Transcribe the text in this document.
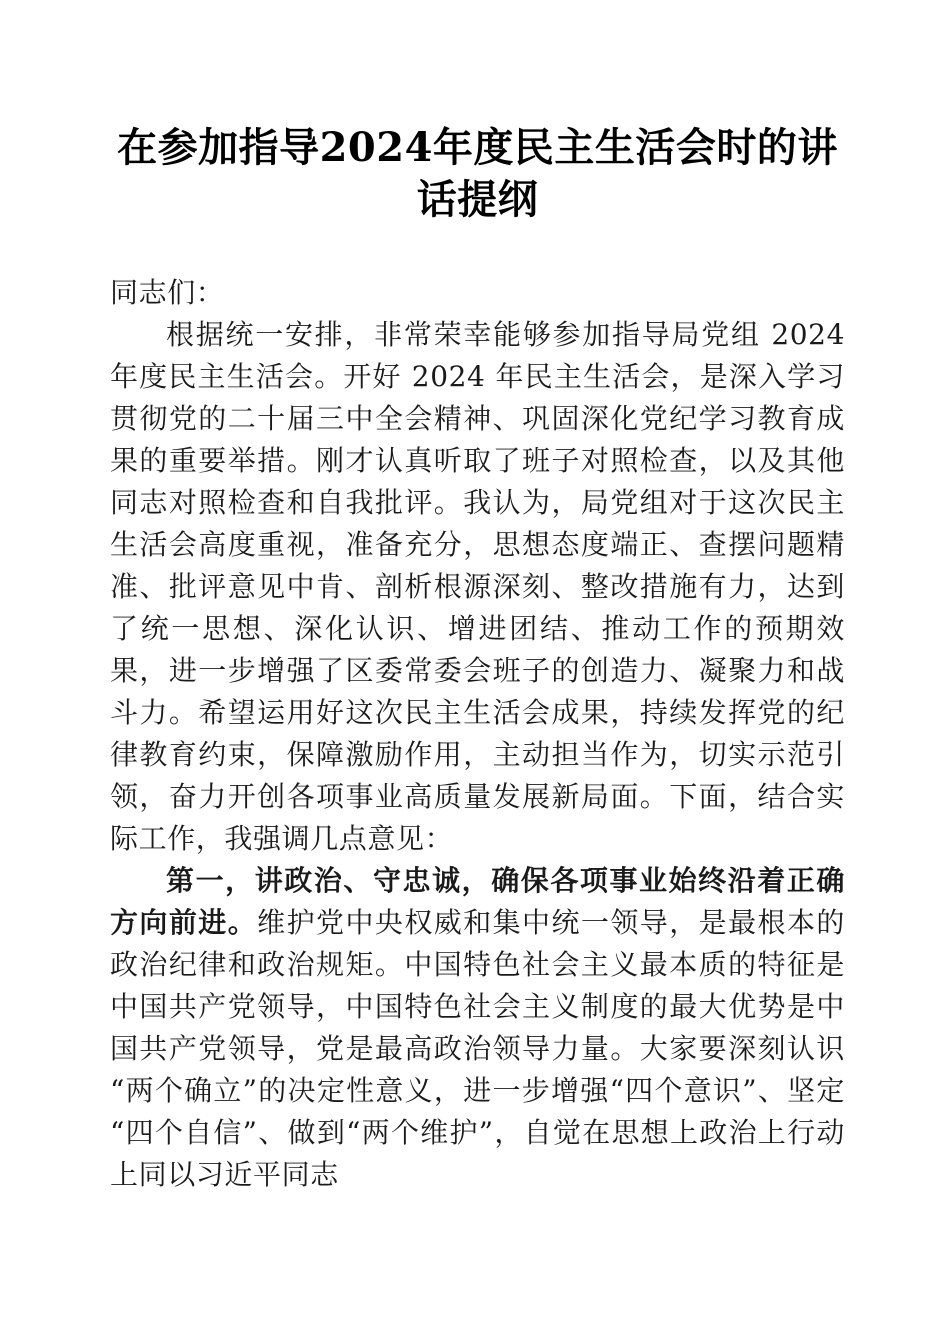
在参加指导2024年度民主生活会时的讲话提纲

同志们：

根据统一安排，非常荣幸能够参加指导局党组 2024 年度民主生活会。开好 2024 年民主生活会，是深入学习贯彻党的二十届三中全会精神、巩固深化党纪学习教育成果的重要举措。刚才认真听取了班子对照检查，以及其他同志对照检查和自我批评。我认为，局党组对于这次民主生活会高度重视，准备充分，思想态度端正、查摆问题精准、批评意见中肯、剖析根源深刻、整改措施有力，达到了统一思想、深化认识、增进团结、推动工作的预期效果，进一步增强了区委常委会班子的创造力、凝聚力和战斗力。希望运用好这次民主生活会成果，持续发挥党的纪律教育约束，保障激励作用，主动担当作为，切实示范引领，奋力开创各项事业高质量发展新局面。下面，结合实际工作，我强调几点意见：

第一，讲政治、守忠诚，确保各项事业始终沿着正确方向前进。维护党中央权威和集中统一领导，是最根本的政治纪律和政治规矩。中国特色社会主义最本质的特征是中国共产党领导，中国特色社会主义制度的最大优势是中国共产党领导，党是最高政治领导力量。大家要深刻认识“两个确立”的决定性意义，进一步增强“四个意识”、坚定“四个自信”、做到“两个维护”，自觉在思想上政治上行动上同以习近平同志
